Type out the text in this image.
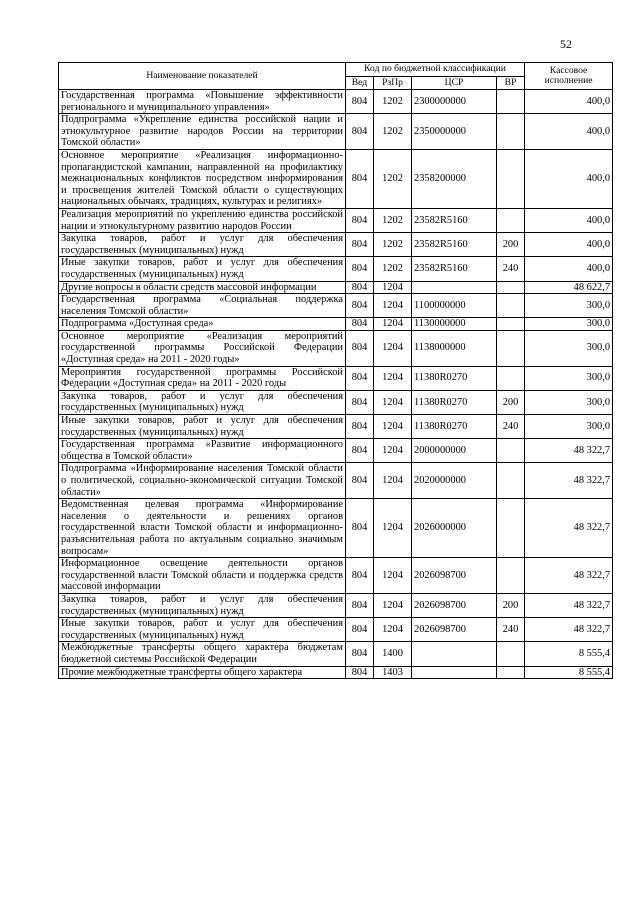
52
Наименование показателей	Код по бюджетной классификации				Кассовое исполнение
	Вед	РзПр	ЦСР	ВР	
Государственная программа «Повышение эффективности регионального и муниципального управления»	804	1202	2300000000		400,0
Подпрограмма «Укрепление единства российской нации и этнокультурное развитие народов России на территории Томской области»	804	1202	2350000000		400,0
Основное мероприятие «Реализация информационно-пропагандистской кампании, направленной на профилактику межнациональных конфликтов посредством информирования и просвещения жителей Томской области о существующих национальных обычаях, традициях, культурах и религиях»	804	1202	2358200000		400,0
Реализация мероприятий по укреплению единства российской нации и этнокультурному развитию народов России	804	1202	23582R5160		400,0
Закупка товаров, работ и услуг для обеспечения государственных (муниципальных) нужд	804	1202	23582R5160	200	400,0
Иные закупки товаров, работ и услуг для обеспечения государственных (муниципальных) нужд	804	1202	23582R5160	240	400,0
Другие вопросы в области средств массовой информации	804	1204			48 622,7
Государственная программа «Социальная поддержка населения Томской области»	804	1204	1100000000		300,0
Подпрограмма «Доступная среда»	804	1204	1130000000		300,0
Основное мероприятие «Реализация мероприятий государственной программы Российской Федерации «Доступная среда» на 2011 - 2020 годы»	804	1204	1138000000		300,0
Мероприятия государственной программы Российской Федерации «Доступная среда» на 2011 - 2020 годы	804	1204	11380R0270		300,0
Закупка товаров, работ и услуг для обеспечения государственных (муниципальных) нужд	804	1204	11380R0270	200	300,0
Иные закупки товаров, работ и услуг для обеспечения государственных (муниципальных) нужд	804	1204	11380R0270	240	300,0
Государственная программа «Развитие информационного общества в Томской области»	804	1204	2000000000		48 322,7
Подпрограмма «Информирование населения Томской области о политической, социально-экономической ситуации Томской области»	804	1204	2020000000		48 322,7
Ведомственная целевая программа «Информирование населения о деятельности и решениях органов государственной власти Томской области и информационно-разъяснительная работа по актуальным социально значимым вопросам»	804	1204	2026000000		48 322,7
Информационное освещение деятельности органов государственной власти Томской области и поддержка средств массовой информации	804	1204	2026098700		48 322,7
Закупка товаров, работ и услуг для обеспечения государственных (муниципальных) нужд	804	1204	2026098700	200	48 322,7
Иные закупки товаров, работ и услуг для обеспечения государственных (муниципальных) нужд	804	1204	2026098700	240	48 322,7
Межбюджетные трансферты общего характера бюджетам бюджетной системы Российской Федерации	804	1400			8 555,4
Прочие межбюджетные трансферты общего характера	804	1403			8 555,4
